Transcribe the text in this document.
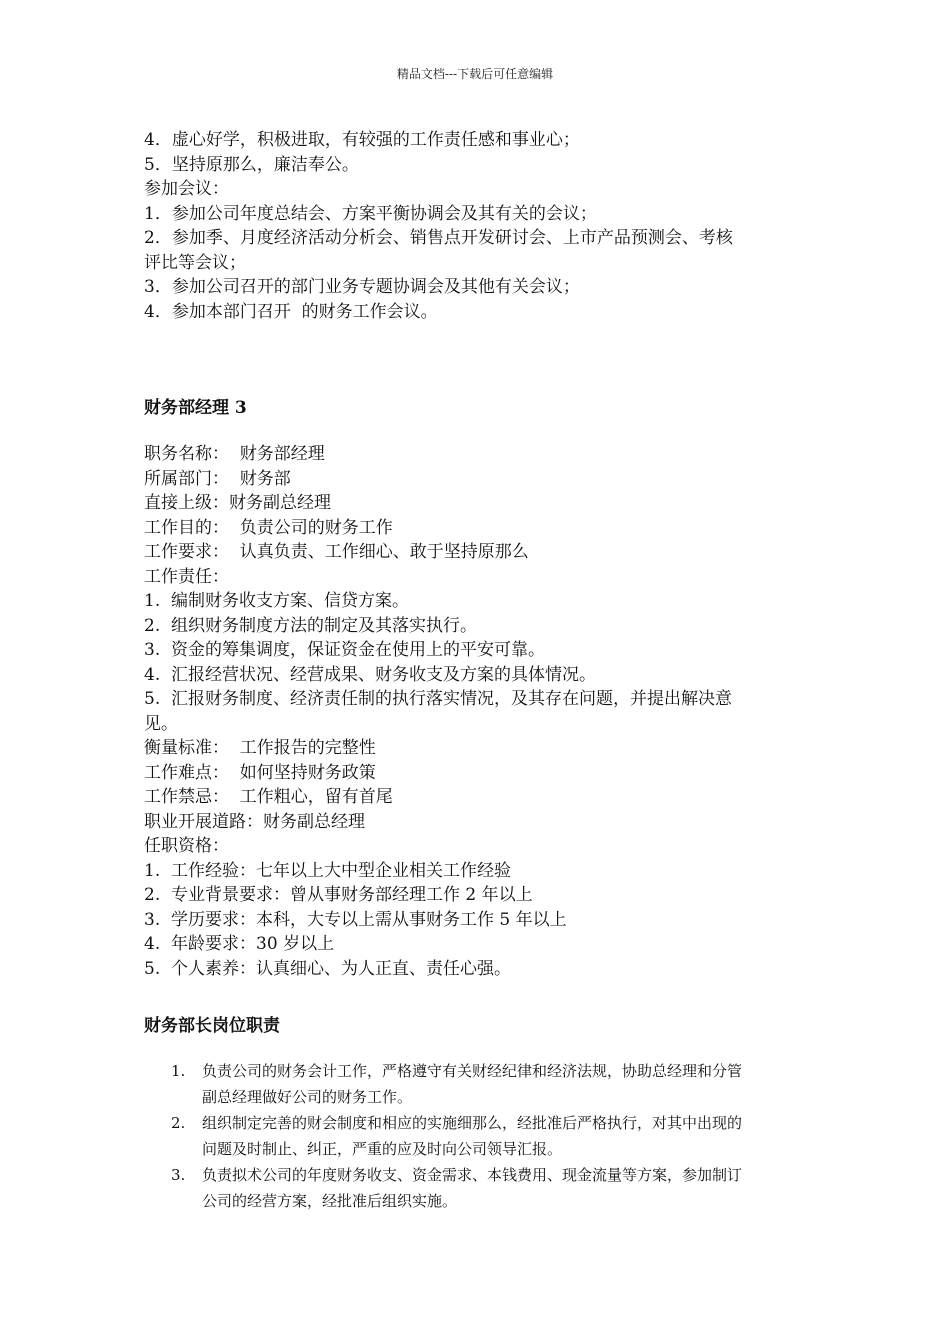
精品文档---下载后可任意编辑
4．虚心好学，积极进取，有较强的工作责任感和事业心；
5．坚持原那么，廉洁奉公。
参加会议：
1．参加公司年度总结会、方案平衡协调会及其有关的会议；
2．参加季、月度经济活动分析会、销售点开发研讨会、上市产品预测会、考核
评比等会议；
3．参加公司召开的部门业务专题协调会及其他有关会议；
4．参加本部门召开  的财务工作会议。
财务部经理 3
职务名称：  财务部经理
所属部门：  财务部
直接上级：财务副总经理
工作目的：  负责公司的财务工作
工作要求：  认真负责、工作细心、敢于坚持原那么
工作责任：
1.  编制财务收支方案、信贷方案。
2.  组织财务制度方法的制定及其落实执行。
3.  资金的筹集调度，保证资金在使用上的平安可靠。
4.  汇报经营状况、经营成果、财务收支及方案的具体情况。
5.  汇报财务制度、经济责任制的执行落实情况，及其存在问题，并提出解决意
见。
衡量标准：  工作报告的完整性
工作难点：  如何坚持财务政策
工作禁忌：  工作粗心，留有首尾
职业开展道路：财务副总经理
任职资格：
1.  工作经验：七年以上大中型企业相关工作经验
2.  专业背景要求：曾从事财务部经理工作 2 年以上
3.  学历要求：本科，大专以上需从事财务工作 5 年以上
4.  年龄要求：30 岁以上
5.  个人素养：认真细心、为人正直、责任心强。
财务部长岗位职责
1. 负责公司的财务会计工作，严格遵守有关财经纪律和经济法规，协助总经理和分管
副总经理做好公司的财务工作。
2. 组织制定完善的财会制度和相应的实施细那么，经批准后严格执行，对其中出现的
问题及时制止、纠正，严重的应及时向公司领导汇报。
3. 负责拟术公司的年度财务收支、资金需求、本钱费用、现金流量等方案，参加制订
公司的经营方案，经批准后组织实施。
